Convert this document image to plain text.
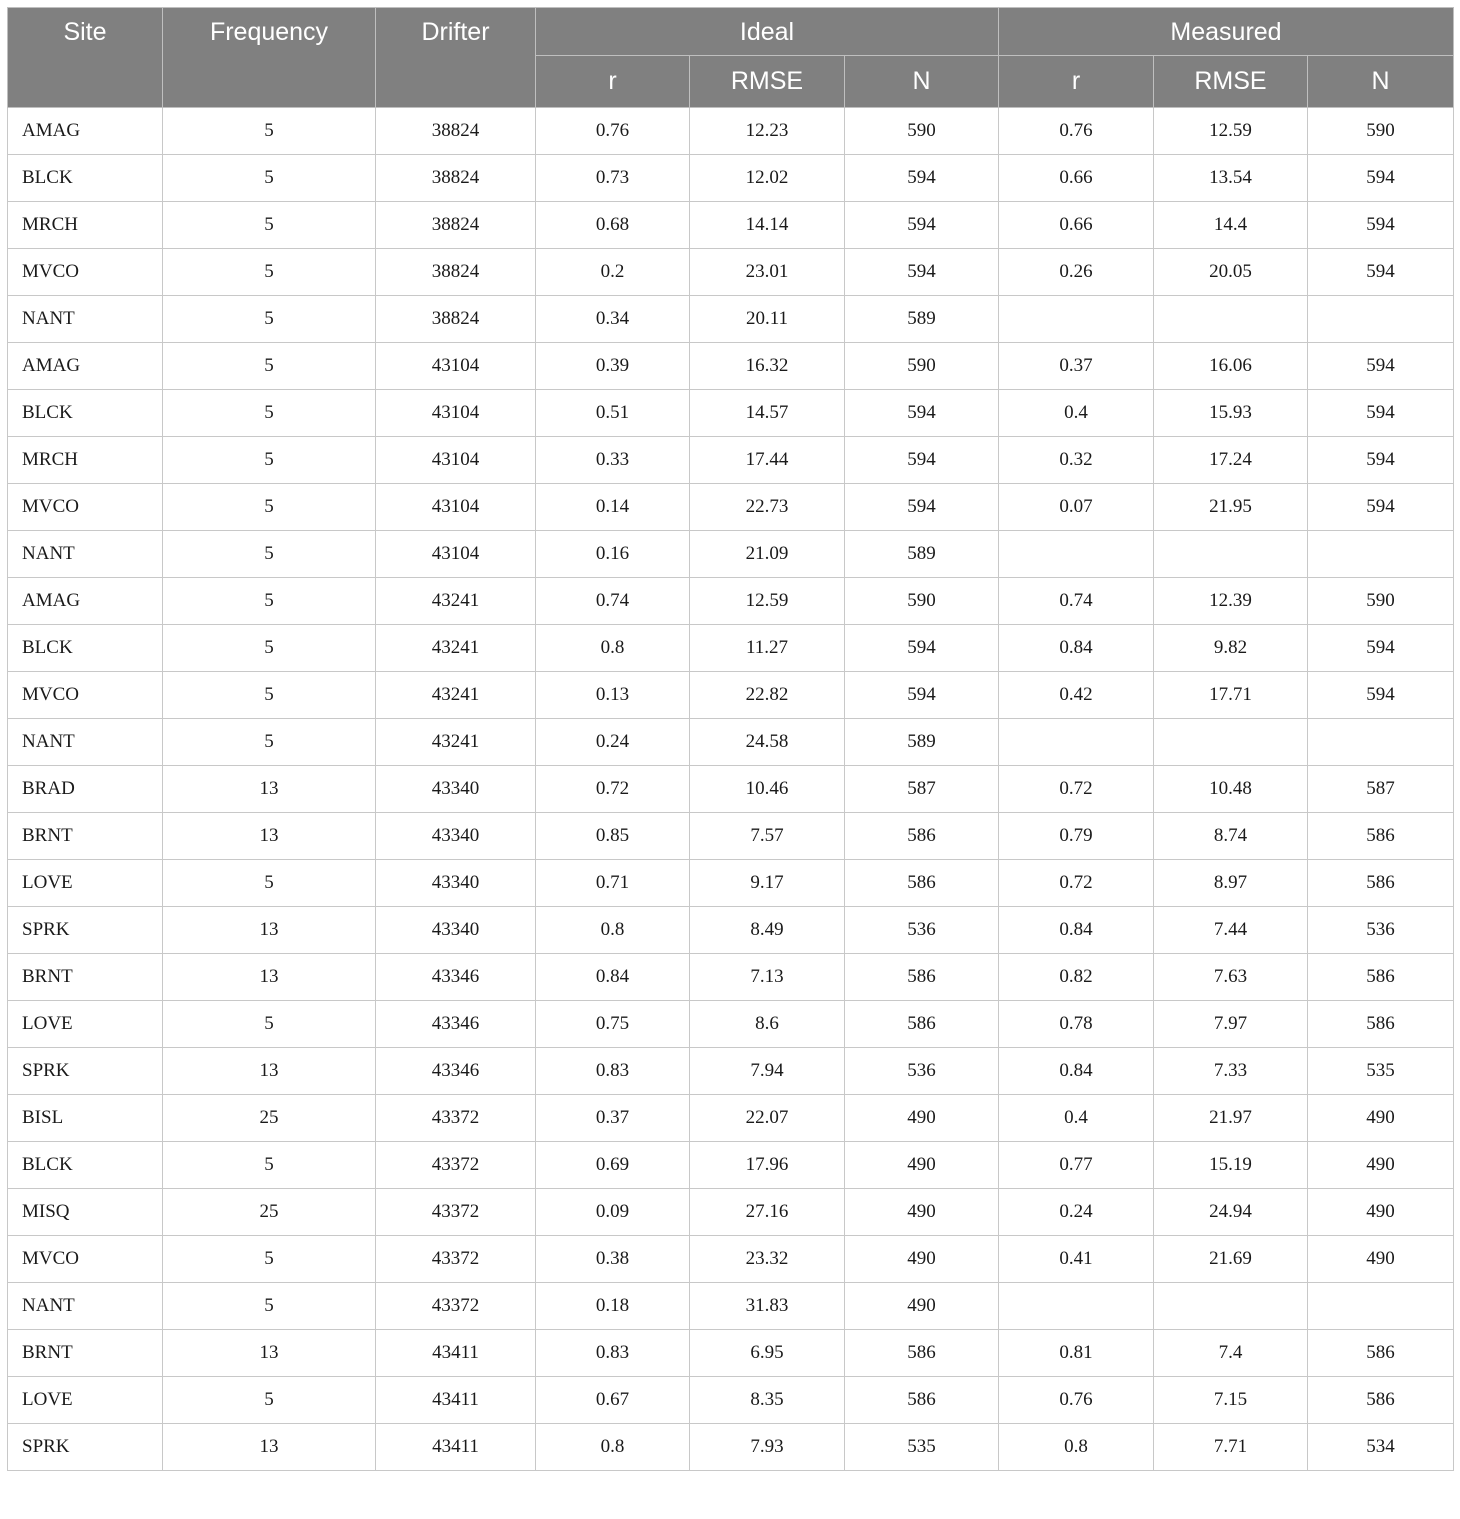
Site	Frequency	Drifter	Ideal			Measured		
			r	RMSE	N	r	RMSE	N
AMAG	5	38824	0.76	12.23	590	0.76	12.59	590
BLCK	5	38824	0.73	12.02	594	0.66	13.54	594
MRCH	5	38824	0.68	14.14	594	0.66	14.4	594
MVCO	5	38824	0.2	23.01	594	0.26	20.05	594
NANT	5	38824	0.34	20.11	589			
AMAG	5	43104	0.39	16.32	590	0.37	16.06	594
BLCK	5	43104	0.51	14.57	594	0.4	15.93	594
MRCH	5	43104	0.33	17.44	594	0.32	17.24	594
MVCO	5	43104	0.14	22.73	594	0.07	21.95	594
NANT	5	43104	0.16	21.09	589			
AMAG	5	43241	0.74	12.59	590	0.74	12.39	590
BLCK	5	43241	0.8	11.27	594	0.84	9.82	594
MVCO	5	43241	0.13	22.82	594	0.42	17.71	594
NANT	5	43241	0.24	24.58	589			
BRAD	13	43340	0.72	10.46	587	0.72	10.48	587
BRNT	13	43340	0.85	7.57	586	0.79	8.74	586
LOVE	5	43340	0.71	9.17	586	0.72	8.97	586
SPRK	13	43340	0.8	8.49	536	0.84	7.44	536
BRNT	13	43346	0.84	7.13	586	0.82	7.63	586
LOVE	5	43346	0.75	8.6	586	0.78	7.97	586
SPRK	13	43346	0.83	7.94	536	0.84	7.33	535
BISL	25	43372	0.37	22.07	490	0.4	21.97	490
BLCK	5	43372	0.69	17.96	490	0.77	15.19	490
MISQ	25	43372	0.09	27.16	490	0.24	24.94	490
MVCO	5	43372	0.38	23.32	490	0.41	21.69	490
NANT	5	43372	0.18	31.83	490			
BRNT	13	43411	0.83	6.95	586	0.81	7.4	586
LOVE	5	43411	0.67	8.35	586	0.76	7.15	586
SPRK	13	43411	0.8	7.93	535	0.8	7.71	534
